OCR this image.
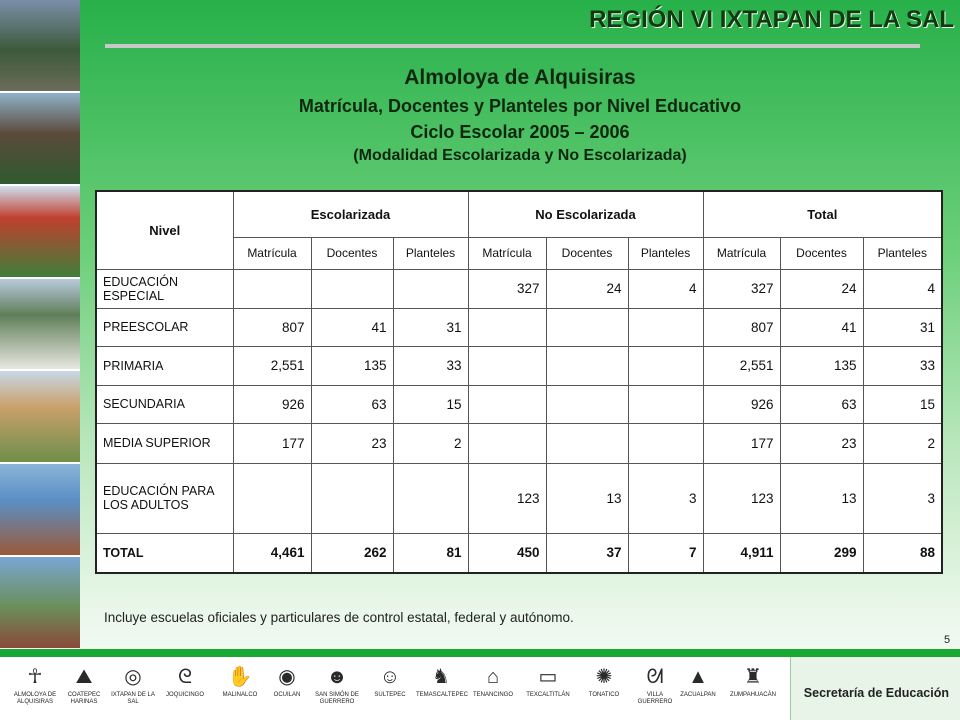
REGIÓN VI IXTAPAN DE LA SAL
Almoloya de Alquisiras
Matrícula, Docentes y Planteles por Nivel Educativo
Ciclo Escolar 2005 – 2006
(Modalidad Escolarizada y No Escolarizada)
Nivel	Escolarizada			No Escolarizada			Total		
	Matrícula	Docentes	Planteles	Matrícula	Docentes	Planteles	Matrícula	Docentes	Planteles
EDUCACIÓN ESPECIAL				327	24	4	327	24	4
PREESCOLAR	807	41	31				807	41	31
PRIMARIA	2,551	135	33				2,551	135	33
SECUNDARIA	926	63	15				926	63	15
MEDIA SUPERIOR	177	23	2				177	23	2
EDUCACIÓN PARA LOS ADULTOS				123	13	3	123	13	3
TOTAL	4,461	262	81	450	37	7	4,911	299	88
Incluye escuelas oficiales y particulares de control estatal, federal y autónomo.
5
☥
ALMOLOYA DE ALQUISIRAS
⛰
COATEPEC HARINAS
◎
IXTAPAN DE LA SAL
ᘓ
JOQUICINGO
✋
MALINALCO
◉
OCUILAN
☻
SAN SIMÓN DE GUERRERO
☺
SULTEPEC
♞
TEMASCALTEPEC
⌂
TENANCINGO
▭
TEXCALTITLÁN
✺
TONATICO
ᘛ
VILLA GUERRERO
▲
ZACUALPAN
♜
ZUMPAHUACÁN Secretaría de Educación
